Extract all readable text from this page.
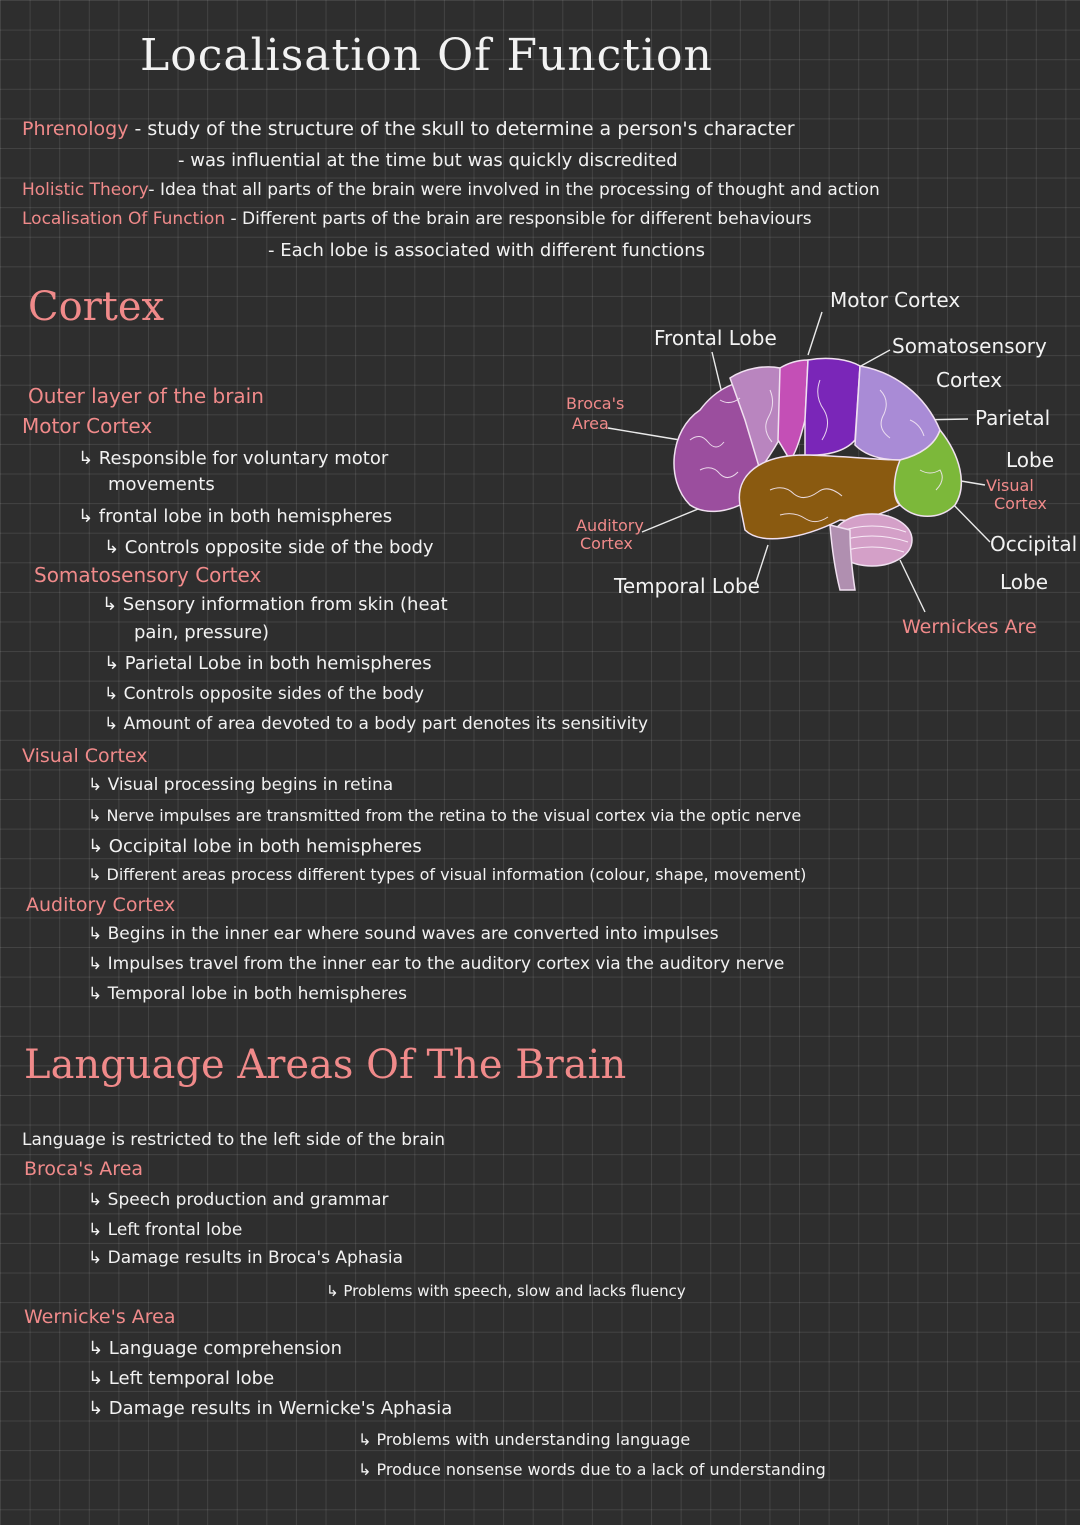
Localisation Of Function
Phrenology - study of the structure of the skull to determine a person's character
- was influential at the time but was quickly discredited
Holistic Theory- Idea that all parts of the brain were involved in the processing of thought and action
Localisation Of Function - Different parts of the brain are responsible for different behaviours
- Each lobe is associated with different functions
Cortex
Outer layer of the brain
Motor Cortex
↳ Responsible for voluntary motor
movements
↳ frontal lobe in both hemispheres
↳ Controls opposite side of the body
Somatosensory Cortex
↳ Sensory information from skin (heat
pain, pressure)
↳ Parietal Lobe in both hemispheres
↳ Controls opposite sides of the body
↳ Amount of area devoted to a body part denotes its sensitivity
Visual Cortex
↳ Visual processing begins in retina
↳ Nerve impulses are transmitted from the retina to the visual cortex via the optic nerve
↳ Occipital lobe in both hemispheres
↳ Different areas process different types of visual information (colour, shape, movement)
Auditory Cortex
↳ Begins in the inner ear where sound waves are converted into impulses
↳ Impulses travel from the inner ear to the auditory cortex via the auditory nerve
↳ Temporal lobe in both hemispheres
Frontal Lobe
Motor Cortex
Somatosensory
Cortex
Broca's
Area	Parietal
Lobe
Visual
Cortex
Auditory
Cortex	Occipital
Lobe
Temporal Lobe
Wernickes Are
Language Areas Of The Brain
Language is restricted to the left side of the brain
Broca's Area
↳ Speech production and grammar
↳ Left frontal lobe
↳ Damage results in Broca's Aphasia
↳ Problems with speech, slow and lacks fluency
Wernicke's Area
↳ Language comprehension
↳ Left temporal lobe
↳ Damage results in Wernicke's Aphasia
↳ Problems with understanding language
↳ Produce nonsense words due to a lack of understanding
